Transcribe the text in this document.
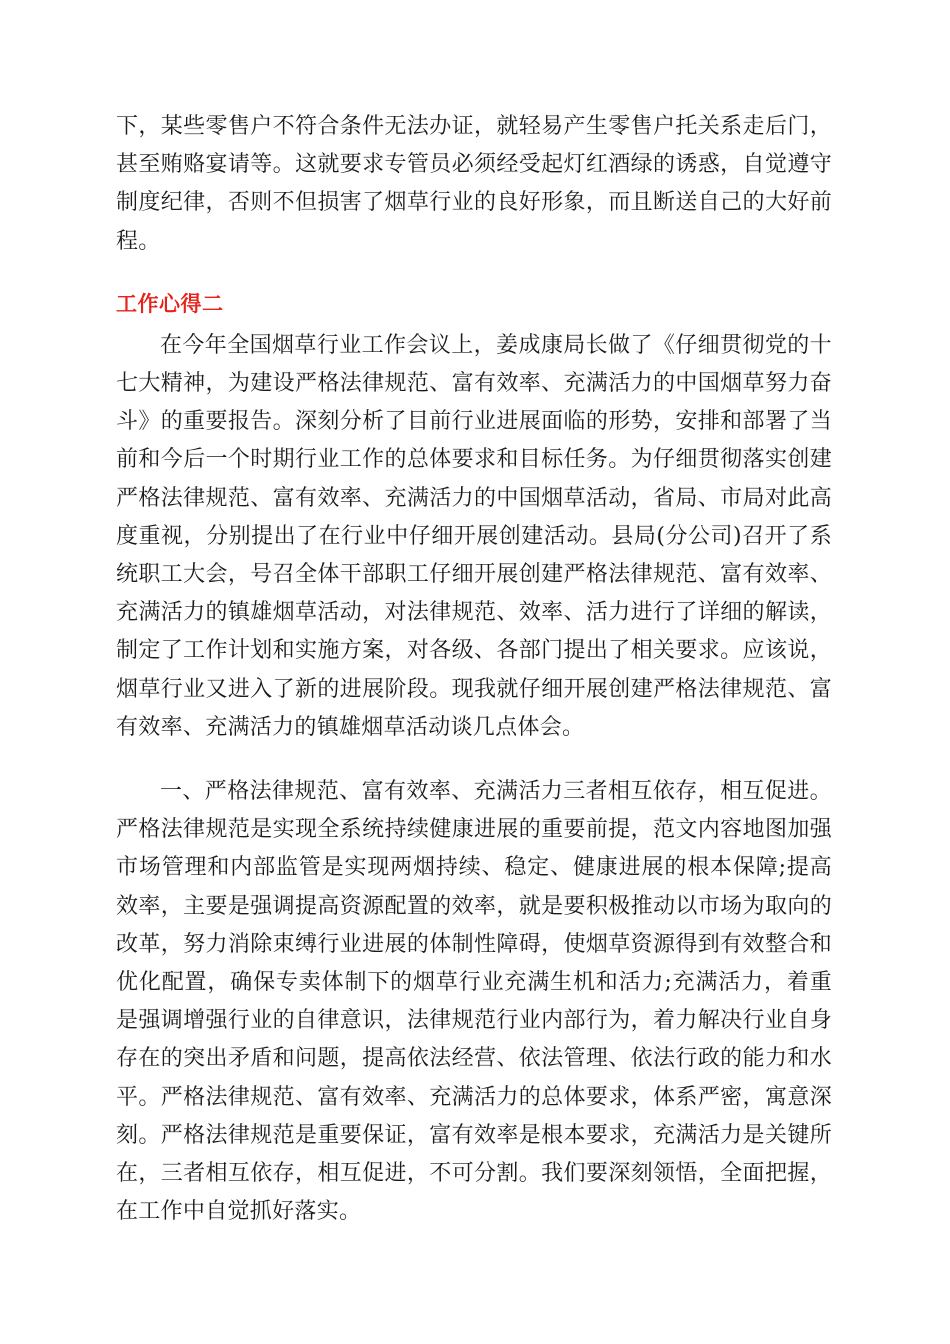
下，某些零售户不符合条件无法办证，就轻易产生零售户托关系走后门，甚至贿赂宴请等。这就要求专管员必须经受起灯红酒绿的诱惑，自觉遵守制度纪律，否则不但损害了烟草行业的良好形象，而且断送自己的大好前程。

工作心得二

在今年全国烟草行业工作会议上，姜成康局长做了《仔细贯彻党的十七大精神，为建设严格法律规范、富有效率、充满活力的中国烟草努力奋斗》的重要报告。深刻分析了目前行业进展面临的形势，安排和部署了当前和今后一个时期行业工作的总体要求和目标任务。为仔细贯彻落实创建严格法律规范、富有效率、充满活力的中国烟草活动，省局、市局对此高度重视，分别提出了在行业中仔细开展创建活动。县局(分公司)召开了系统职工大会，号召全体干部职工仔细开展创建严格法律规范、富有效率、充满活力的镇雄烟草活动，对法律规范、效率、活力进行了详细的解读，制定了工作计划和实施方案，对各级、各部门提出了相关要求。应该说，烟草行业又进入了新的进展阶段。现我就仔细开展创建严格法律规范、富有效率、充满活力的镇雄烟草活动谈几点体会。

一、严格法律规范、富有效率、充满活力三者相互依存，相互促进。严格法律规范是实现全系统持续健康进展的重要前提，范文内容地图加强市场管理和内部监管是实现两烟持续、稳定、健康进展的根本保障;提高效率，主要是强调提高资源配置的效率，就是要积极推动以市场为取向的改革，努力消除束缚行业进展的体制性障碍，使烟草资源得到有效整合和优化配置，确保专卖体制下的烟草行业充满生机和活力;充满活力，着重是强调增强行业的自律意识，法律规范行业内部行为，着力解决行业自身存在的突出矛盾和问题，提高依法经营、依法管理、依法行政的能力和水平。严格法律规范、富有效率、充满活力的总体要求，体系严密，寓意深刻。严格法律规范是重要保证，富有效率是根本要求，充满活力是关键所在，三者相互依存，相互促进，不可分割。我们要深刻领悟，全面把握，在工作中自觉抓好落实。
